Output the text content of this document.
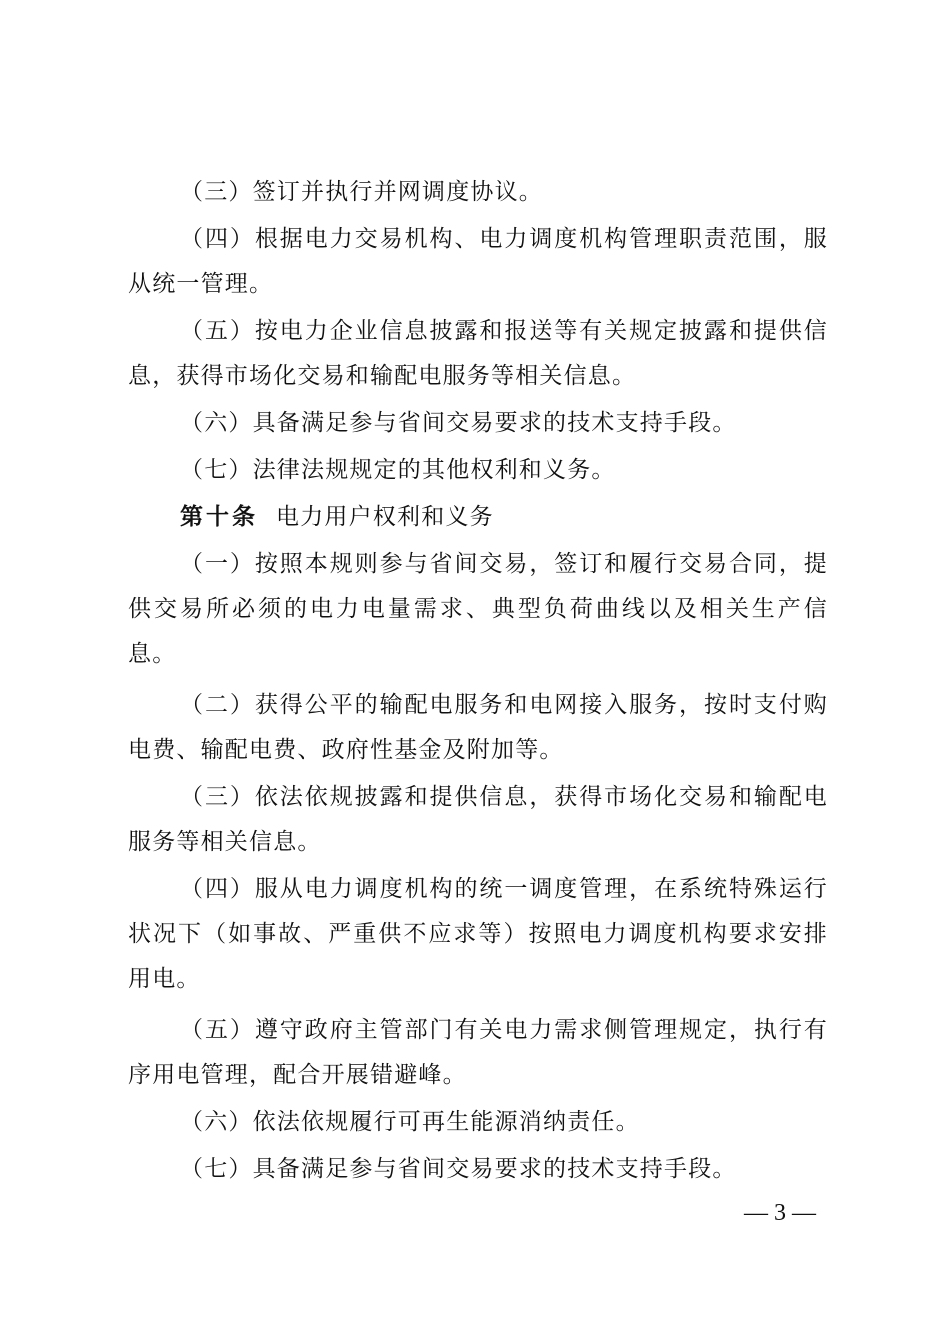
（三）签订并执行并网调度协议。

（四）根据电力交易机构、电力调度机构管理职责范围，服从统一管理。

（五）按电力企业信息披露和报送等有关规定披露和提供信息，获得市场化交易和输配电服务等相关信息。

（六）具备满足参与省间交易要求的技术支持手段。

（七）法律法规规定的其他权利和义务。

第十条 电力用户权利和义务

（一）按照本规则参与省间交易，签订和履行交易合同，提供交易所必须的电力电量需求、典型负荷曲线以及相关生产信息。

（二）获得公平的输配电服务和电网接入服务，按时支付购电费、输配电费、政府性基金及附加等。

（三）依法依规披露和提供信息，获得市场化交易和输配电服务等相关信息。

（四）服从电力调度机构的统一调度管理，在系统特殊运行状况下（如事故、严重供不应求等）按照电力调度机构要求安排用电。

（五）遵守政府主管部门有关电力需求侧管理规定，执行有序用电管理，配合开展错避峰。

（六）依法依规履行可再生能源消纳责任。

（七）具备满足参与省间交易要求的技术支持手段。

— 3 —
